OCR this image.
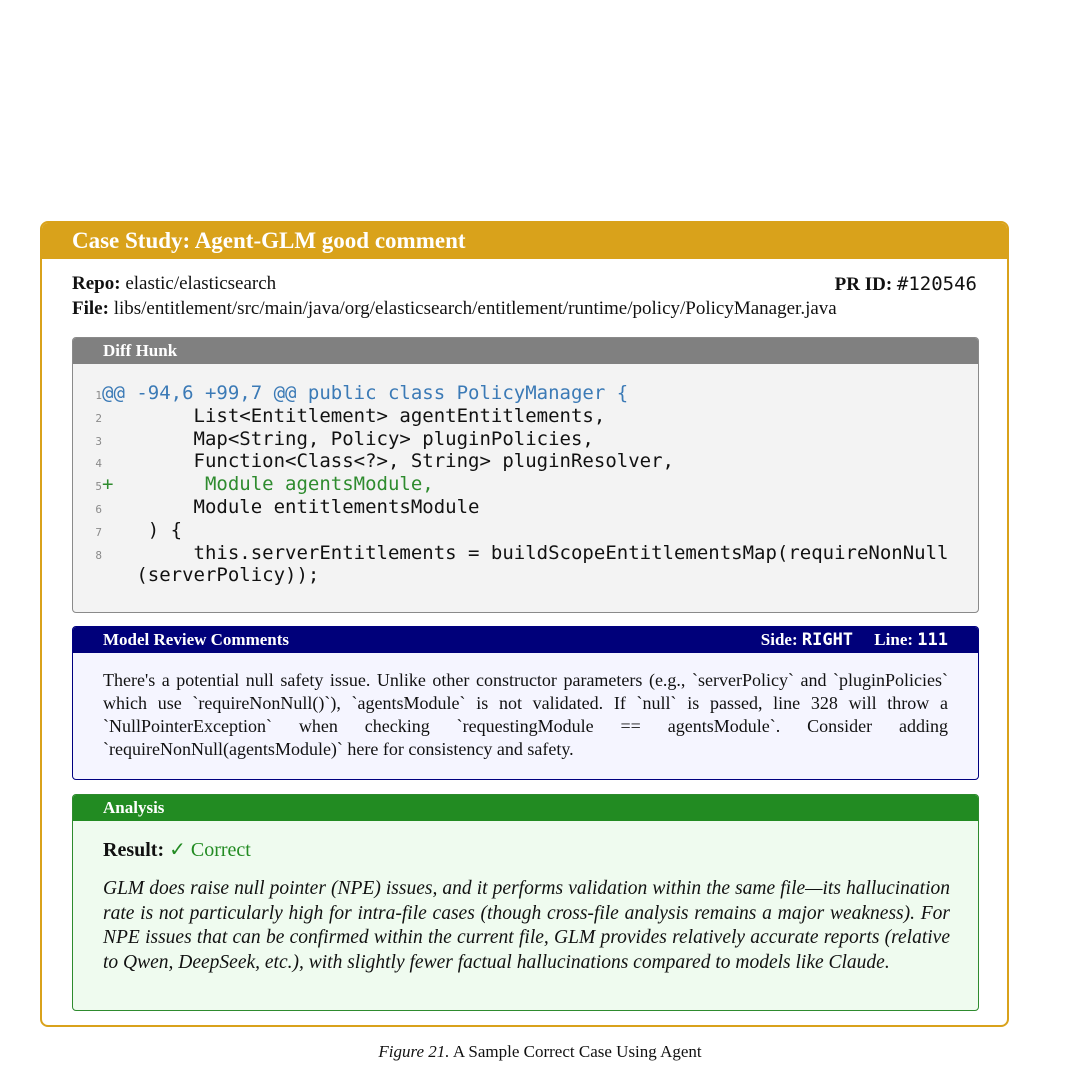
Case Study: Agent-GLM good comment
Repo: elastic/elasticsearch	PR ID: #120546
File: libs/entitlement/src/main/java/org/elasticsearch/entitlement/runtime/policy/PolicyManager.java
Diff Hunk
1@@ -94,6 +99,7 @@ public class PolicyManager {
2        List<Entitlement> agentEntitlements,
3        Map<String, Policy> pluginPolicies,
4        Function<Class<?>, String> pluginResolver,
5+        Module agentsModule,
6        Module entitlementsModule
7    ) {
8        this.serverEntitlements = buildScopeEntitlementsMap(requireNonNull
(serverPolicy));
Model Review Comments	Side: RIGHT Line: 111
There's a potential null safety issue. Unlike other constructor parameters (e.g., `serverPolicy` and `pluginPolicies` which use `requireNonNull()`), `agentsModule` is not validated. If `null` is passed, line 328 will throw a `NullPointerException` when checking `requestingModule == agentsModule`. Consider adding `requireNonNull(agentsModule)` here for consistency and safety.
Analysis
Result: ✓ Correct
GLM does raise null pointer (NPE) issues, and it performs validation within the same file—its hallucination rate is not particularly high for intra-file cases (though cross-file analysis remains a major weakness). For NPE issues that can be confirmed within the current file, GLM provides relatively accurate reports (relative to Qwen, DeepSeek, etc.), with slightly fewer factual hallucinations compared to models like Claude.
Figure 21. A Sample Correct Case Using Agent
